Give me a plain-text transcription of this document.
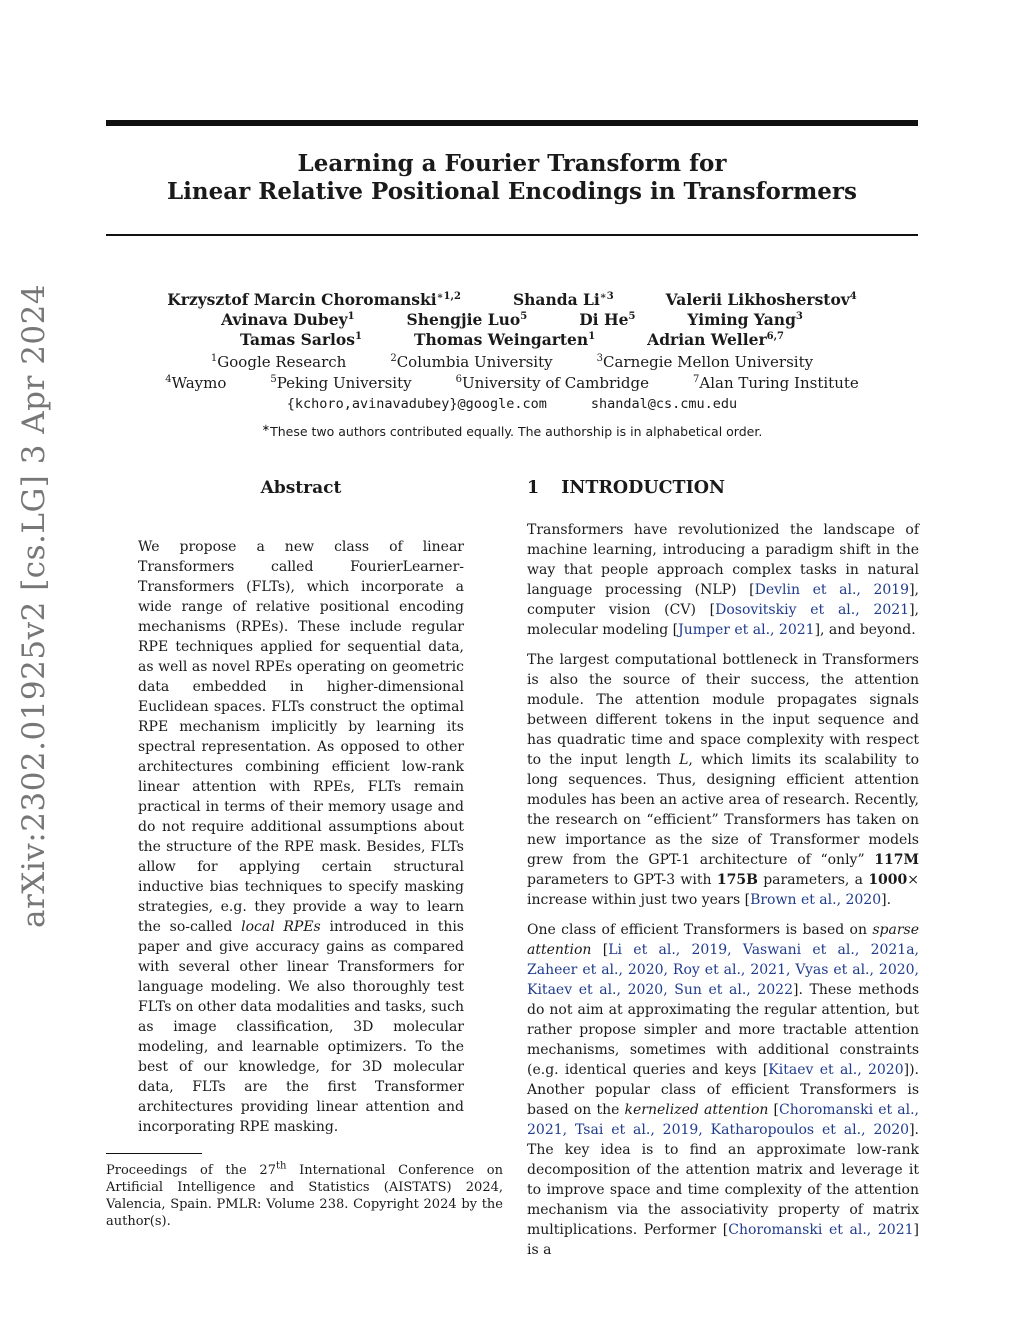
arXiv:2302.01925v2 [cs.LG] 3 Apr 2024
Learning a Fourier Transform for
Linear Relative Positional Encodings in Transformers
Krzysztof Marcin Choromanski$^{∗1,2}$	Shanda $Li^{∗3}$	Valerii Likhosherstov$^4$
Avinava Dubey$^1$	Shengjie Luo$^5$	Di He$^5$	Yiming Yang$^3$
Tamas Sarlos$^1$	Thomas Weingarten$^1$	Adrian Weller$^{6,7}$
$^1$Google Research	$^2$Columbia University	$^3$Carnegie Mellon University
$^4$Waymo	$^5$Peking University	$^6$University of Cambridge	$^7$Alan Turing Institute
{kchoro,avinavadubey}@google.com	shandal@cs.cmu.edu
∗These two authors contributed equally. The authorship is in alphabetical order.
Abstract
We propose a new class of linear Transformers called FourierLearner-Transformers (FLTs), which incorporate a wide range of relative positional encoding mechanisms (RPEs). These include regular RPE techniques applied for sequential data, as well as novel RPEs operating on geometric data embedded in higher-dimensional Euclidean spaces. FLTs construct the optimal RPE mechanism implicitly by learning its spectral representation. As opposed to other architectures combining efficient low-rank linear attention with RPEs, FLTs remain practical in terms of their memory usage and do not require additional assumptions about the structure of the RPE mask. Besides, FLTs allow for applying certain structural inductive bias techniques to specify masking strategies, e.g. they provide a way to learn the so-called local RPEs introduced in this paper and give accuracy gains as compared with several other linear Transformers for language modeling. We also thoroughly test FLTs on other data modalities and tasks, such as image classification, 3D molecular modeling, and learnable optimizers. To the best of our knowledge, for 3D molecular data, FLTs are the first Transformer architectures providing linear attention and incorporating RPE masking.
1 INTRODUCTION

Transformers have revolutionized the landscape of machine learning, introducing a paradigm shift in the way that people approach complex tasks in natural language processing (NLP) [Devlin et al., 2019], computer vision (CV) [Dosovitskiy et al., 2021], molecular modeling [Jumper et al., 2021], and beyond.

The largest computational bottleneck in Transformers is also the source of their success, the attention module. The attention module propagates signals between different tokens in the input sequence and has quadratic time and space complexity with respect to the input length L, which limits its scalability to long sequences. Thus, designing efficient attention modules has been an active area of research. Recently, the research on “efficient” Transformers has taken on new importance as the size of Transformer models grew from the GPT-1 architecture of “only” 117M parameters to GPT-3 with 175B parameters, a 1000× increase within just two years [Brown et al., 2020].

One class of efficient Transformers is based on sparse attention [Li et al., 2019, Vaswani et al., 2021a, Zaheer et al., 2020, Roy et al., 2021, Vyas et al., 2020, Kitaev et al., 2020, Sun et al., 2022]. These methods do not aim at approximating the regular attention, but rather propose simpler and more tractable attention mechanisms, sometimes with additional constraints (e.g. identical queries and keys [Kitaev et al., 2020]). Another popular class of efficient Transformers is based on the kernelized attention [Choromanski et al., 2021, Tsai et al., 2019, Katharopoulos et al., 2020]. The key idea is to find an approximate low-rank decomposition of the attention matrix and leverage it to improve space and time complexity of the attention mechanism via the associativity property of matrix multiplications. Performer [Choromanski et al., 2021] is a

Proceedings of the 27th International Conference on Artificial Intelligence and Statistics (AISTATS) 2024, Valencia, Spain. PMLR: Volume 238. Copyright 2024 by the author(s).
